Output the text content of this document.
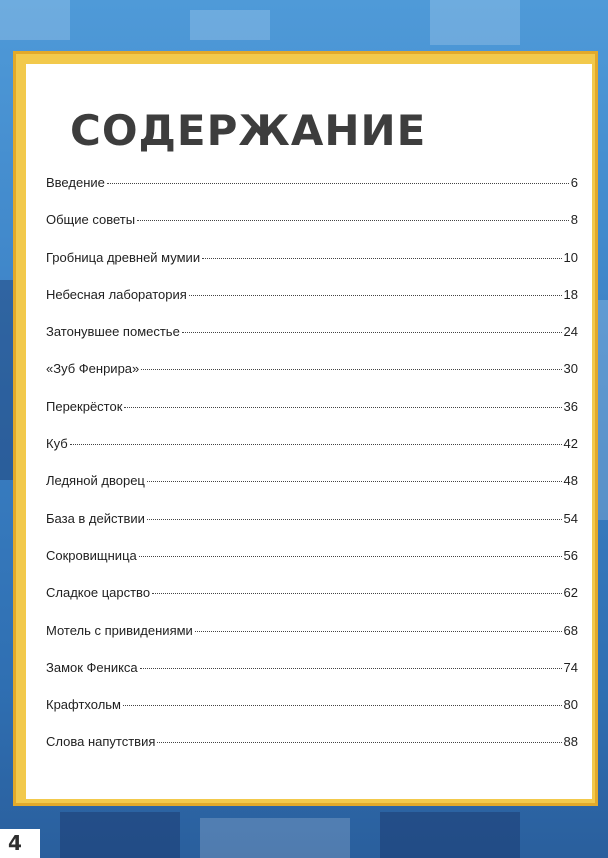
СОДЕРЖАНИЕ
Введение	6
Общие советы	8
Гробница древней мумии	10
Небесная лаборатория	18
Затонувшее поместье	24
«Зуб Фенрира»	30
Перекрёсток	36
Куб	42
Ледяной дворец	48
База в действии	54
Сокровищница	56
Сладкое царство	62
Мотель с привидениями	68
Замок Феникса	74
Крафтхольм	80
Слова напутствия	88
4
